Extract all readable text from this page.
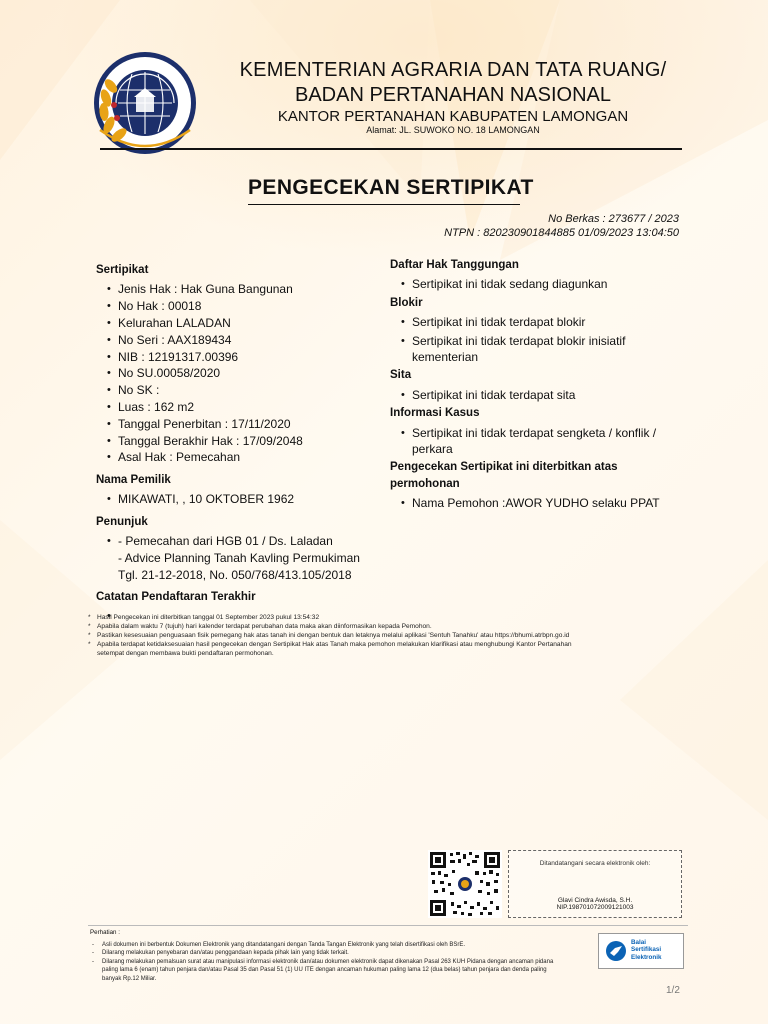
KEMENTERIAN AGRARIA DAN TATA RUANG/
BADAN PERTANAHAN NASIONAL
KANTOR PERTANAHAN KABUPATEN LAMONGAN
Alamat: JL. SUWOKO NO. 18 LAMONGAN
PENGECEKAN SERTIPIKAT
No Berkas : 273677 / 2023
NTPN : 820230901844885 01/09/2023 13:04:50

Sertipikat

• Jenis Hak : Hak Guna Bangunan
• No Hak : 00018
• Kelurahan LALADAN
• No Seri : AAX189434
• NIB : 12191317.00396
• No SU.00058/2020
• No SK :
• Luas : 162 m2
• Tanggal Penerbitan : 17/11/2020
• Tanggal Berakhir Hak : 17/09/2048
• Asal Hak : Pemecahan

Nama Pemilik

• MIKAWATI, , 10 OKTOBER 1962

Penunjuk

• - Pemecahan dari HGB 01 / Ds. Laladan
- Advice Planning Tanah Kavling Permukiman
Tgl. 21-12-2018, No. 050/768/413.105/2018

Catatan Pendaftaran Terakhir

•

Daftar Hak Tanggungan

• Sertipikat ini tidak sedang diagunkan

Blokir

• Sertipikat ini tidak terdapat blokir
• Sertipikat ini tidak terdapat blokir inisiatif
kementerian

Sita

• Sertipikat ini tidak terdapat sita

Informasi Kasus

• Sertipikat ini tidak terdapat sengketa / konflik /
perkara

Pengecekan Sertipikat ini diterbitkan atas

permohonan

• Nama Pemohon :AWOR YUDHO selaku PPAT
* Hasil Pengecekan ini diterbitkan tanggal 01 September 2023 pukul 13:54:32
* Apabila dalam waktu 7 (tujuh) hari kalender terdapat perubahan data maka akan diinformasikan kepada Pemohon.
* Pastikan kesesuaian penguasaan fisik pemegang hak atas tanah ini dengan bentuk dan letaknya melalui aplikasi 'Sentuh Tanahku' atau https://bhumi.atrbpn.go.id
* Apabila terdapat ketidaksesuaian hasil pengecekan dengan Sertipikat Hak atas Tanah maka pemohon melakukan klarifikasi atau menghubungi Kantor Pertanahan
setempat dengan membawa bukti pendaftaran permohonan.
Ditandatangani secara elektronik oleh:
Glavi Cindra Awisda, S.H.
NIP.198701072009121003
Perhatian :
- Asli dokumen ini berbentuk Dokumen Elektronik yang ditandatangani dengan Tanda Tangan Elektronik yang telah disertifikasi oleh BSrE.
- Dilarang melakukan penyebaran dan/atau penggandaan kepada pihak lain yang tidak terkait.
- Dilarang melakukan pemalsuan surat atau manipulasi informasi elektronik dan/atau dokumen elektronik dapat dikenakan Pasal 263 KUH Pidana dengan ancaman pidana
paling lama 6 (enam) tahun penjara dan/atau Pasal 35 dan Pasal 51 (1) UU ITE dengan ancaman hukuman paling lama 12 (dua belas) tahun penjara dan denda paling
banyak Rp.12 Miliar.
Balai
Sertifikasi
Elektronik
1/2
